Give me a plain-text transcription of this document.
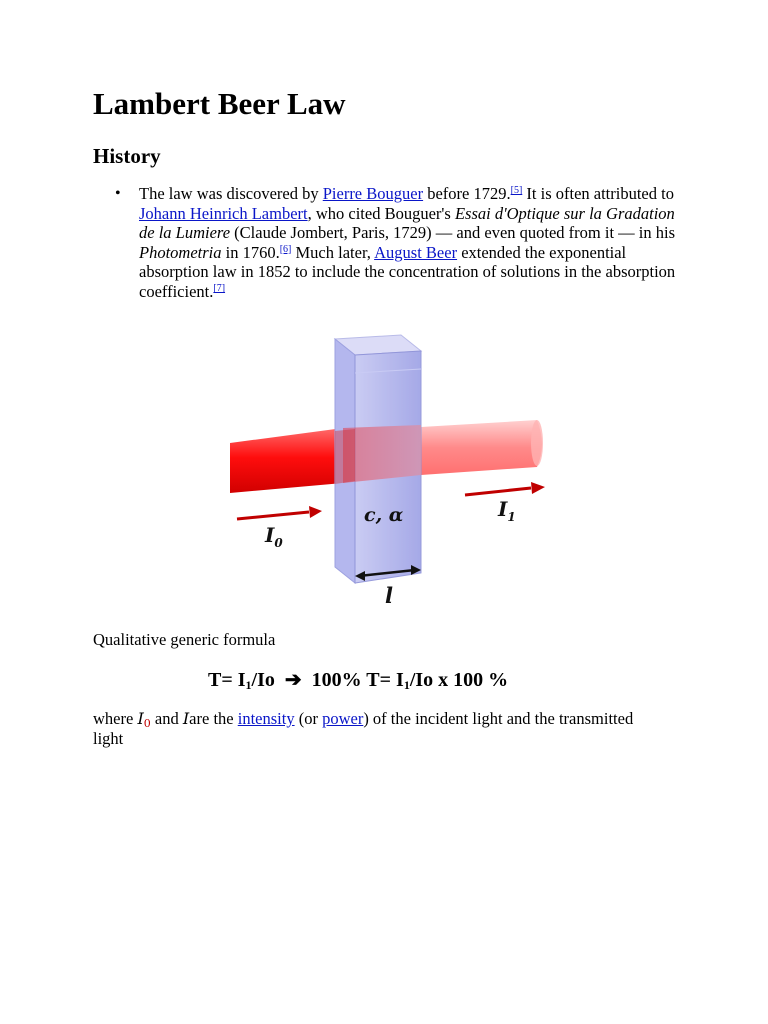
Lambert Beer Law
History
• The law was discovered by Pierre Bouguer before 1729.[5] It is often attributed to Johann Heinrich Lambert, who cited Bouguer's Essai d'Optique sur la Gradation de la Lumiere (Claude Jombert, Paris, 1729) — and even quoted from it — in his Photometria in 1760.[6] Much later, August Beer extended the exponential absorption law in 1852 to include the concentration of solutions in the absorption coefficient.[7]
$I_0$
$I_1$
c, α
l
Qualitative generic formula
$T= I_1/Io$ ➔ 100% $T= I_1/Io$ x 100 %
where $I_0$ and Iare the intensity (or power) of the incident light and the transmitted light
